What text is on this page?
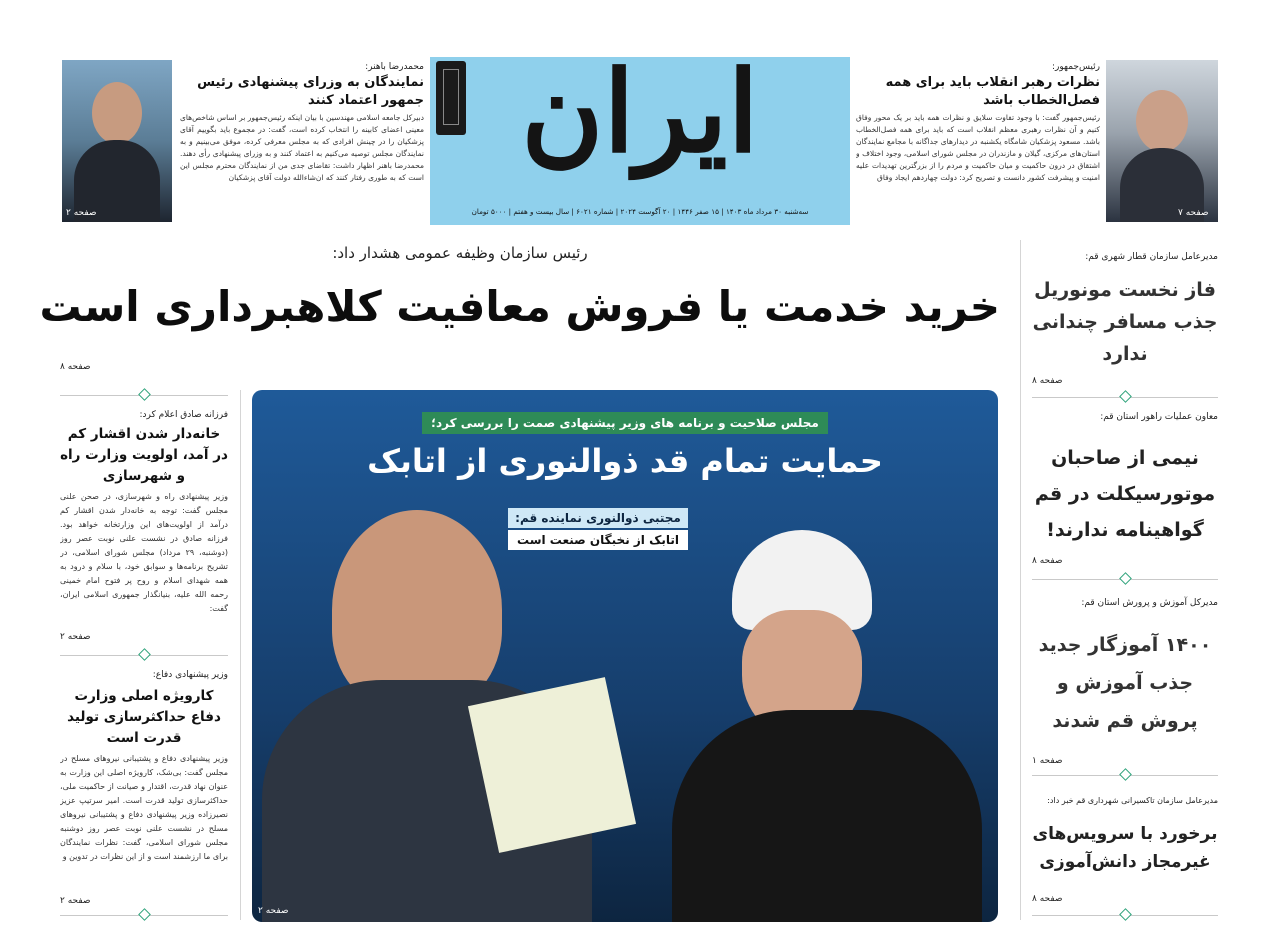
صفحه ۷
رئیس‌جمهور:
نظرات رهبر انقلاب باید برای همه فصل‌الخطاب باشد
رئیس‌جمهور گفت: با وجود تفاوت سلایق و نظرات همه باید بر یک محور وفاق کنیم و آن نظرات رهبری معظم انقلاب است که باید برای همه فصل‌الخطاب باشد. مسعود پزشکیان شامگاه یکشنبه در دیدارهای جداگانه با مجامع نمایندگان استان‌های مرکزی، گیلان و مازندران در مجلس شورای اسلامی، وجود اختلاف و اشتقاق در درون حاکمیت و میان حاکمیت و مردم را از بزرگترین تهدیدات علیه امنیت و پیشرفت کشور دانست و تصریح کرد: دولت چهاردهم ایجاد وفاق
ایران
سه‌شنبه ۳۰ مرداد ماه ۱۴۰۳ | ۱۵ صفر ۱۴۴۶ | ۲۰ آگوست ۲۰۲۴ | شماره ۶۰۲۱ | سال بیست و هفتم | ۵۰۰۰ تومان
صفحه ۲
محمدرضا باهنر:
نمایندگان به وزرای پیشنهادی رئیس جمهور اعتماد کنند
دبیرکل جامعه اسلامی مهندسین با بیان اینکه رئیس‌جمهور بر اساس شاخص‌های معینی اعضای کابینه را انتخاب کرده است، گفت: در مجموع باید بگوییم آقای پزشکیان را در چینش افرادی که به مجلس معرفی کرده، موفق می‌بینیم و به نمایندگان مجلس توصیه می‌کنیم به اعتماد کنند و به وزرای پیشنهادی رأی دهند. محمدرضا باهنر اظهار داشت: تقاضای جدی من از نمایندگان محترم مجلس این است که به طوری رفتار کنند که ان‌شاءالله دولت آقای پزشکیان
رئیس سازمان وظیفه عمومی هشدار داد:
خرید خدمت یا فروش معافیت کلاهبرداری است
صفحه ۸
مجلس صلاحیت و برنامه های وزیر پیشنهادی صمت را بررسی کرد؛
حمایت تمام قد ذوالنوری از اتابک
مجتبی ذوالنوری نماینده قم:
اتابک از نخبگان صنعت است
صفحه ۲
فرزانه صادق اعلام کرد:
خانه‌دار شدن اقشار کم در آمد، اولویت وزارت راه و شهرسازی
وزیر پیشنهادی راه و شهرسازی، در صحن علنی مجلس گفت: توجه به خانه‌دار شدن اقشار کم درآمد از اولویت‌های این وزارتخانه خواهد بود. فرزانه صادق در نشست علنی نوبت عصر روز (دوشنبه، ۲۹ مرداد) مجلس شورای اسلامی، در تشریح برنامه‌ها و سوابق خود، با سلام و درود به همه شهدای اسلام و روح پر فتوح امام خمینی رحمه الله علیه، بنیانگذار جمهوری اسلامی ایران، گفت:
صفحه ۲
وزیر پیشنهادی دفاع:
کارویژه اصلی وزارت دفاع حداکثرسازی تولید قدرت است
وزیر پیشنهادی دفاع و پشتیبانی نیروهای مسلح در مجلس گفت: بی‌شک، کارویژه اصلی این وزارت به عنوان نهاد قدرت، اقتدار و صیانت از حاکمیت ملی، حداکثرسازی تولید قدرت است. امیر سرتیپ عزیز نصیرزاده وزیر پیشنهادی دفاع و پشتیبانی نیروهای مسلح در نشست علنی نوبت عصر روز دوشنبه مجلس شورای اسلامی، گفت: نظرات نمایندگان برای ما ارزشمند است و از این نظرات در تدوین و
صفحه ۲
مدیرعامل سازمان قطار شهری قم:
فاز نخست مونوریل جذب مسافر چندانی ندارد
صفحه ۸
معاون عملیات راهور استان قم:
نیمی از صاحبان موتورسیکلت در قم گواهینامه ندارند!
صفحه ۸
مدیرکل آموزش و پرورش استان قم:
۱۴۰۰ آموزگار جدید جذب آموزش و پروش قم شدند
صفحه ۱
مدیرعامل سازمان تاکسیرانی شهرداری قم خبر داد:
برخورد با سرویس‌های غیرمجاز دانش‌آموزی
صفحه ۸
